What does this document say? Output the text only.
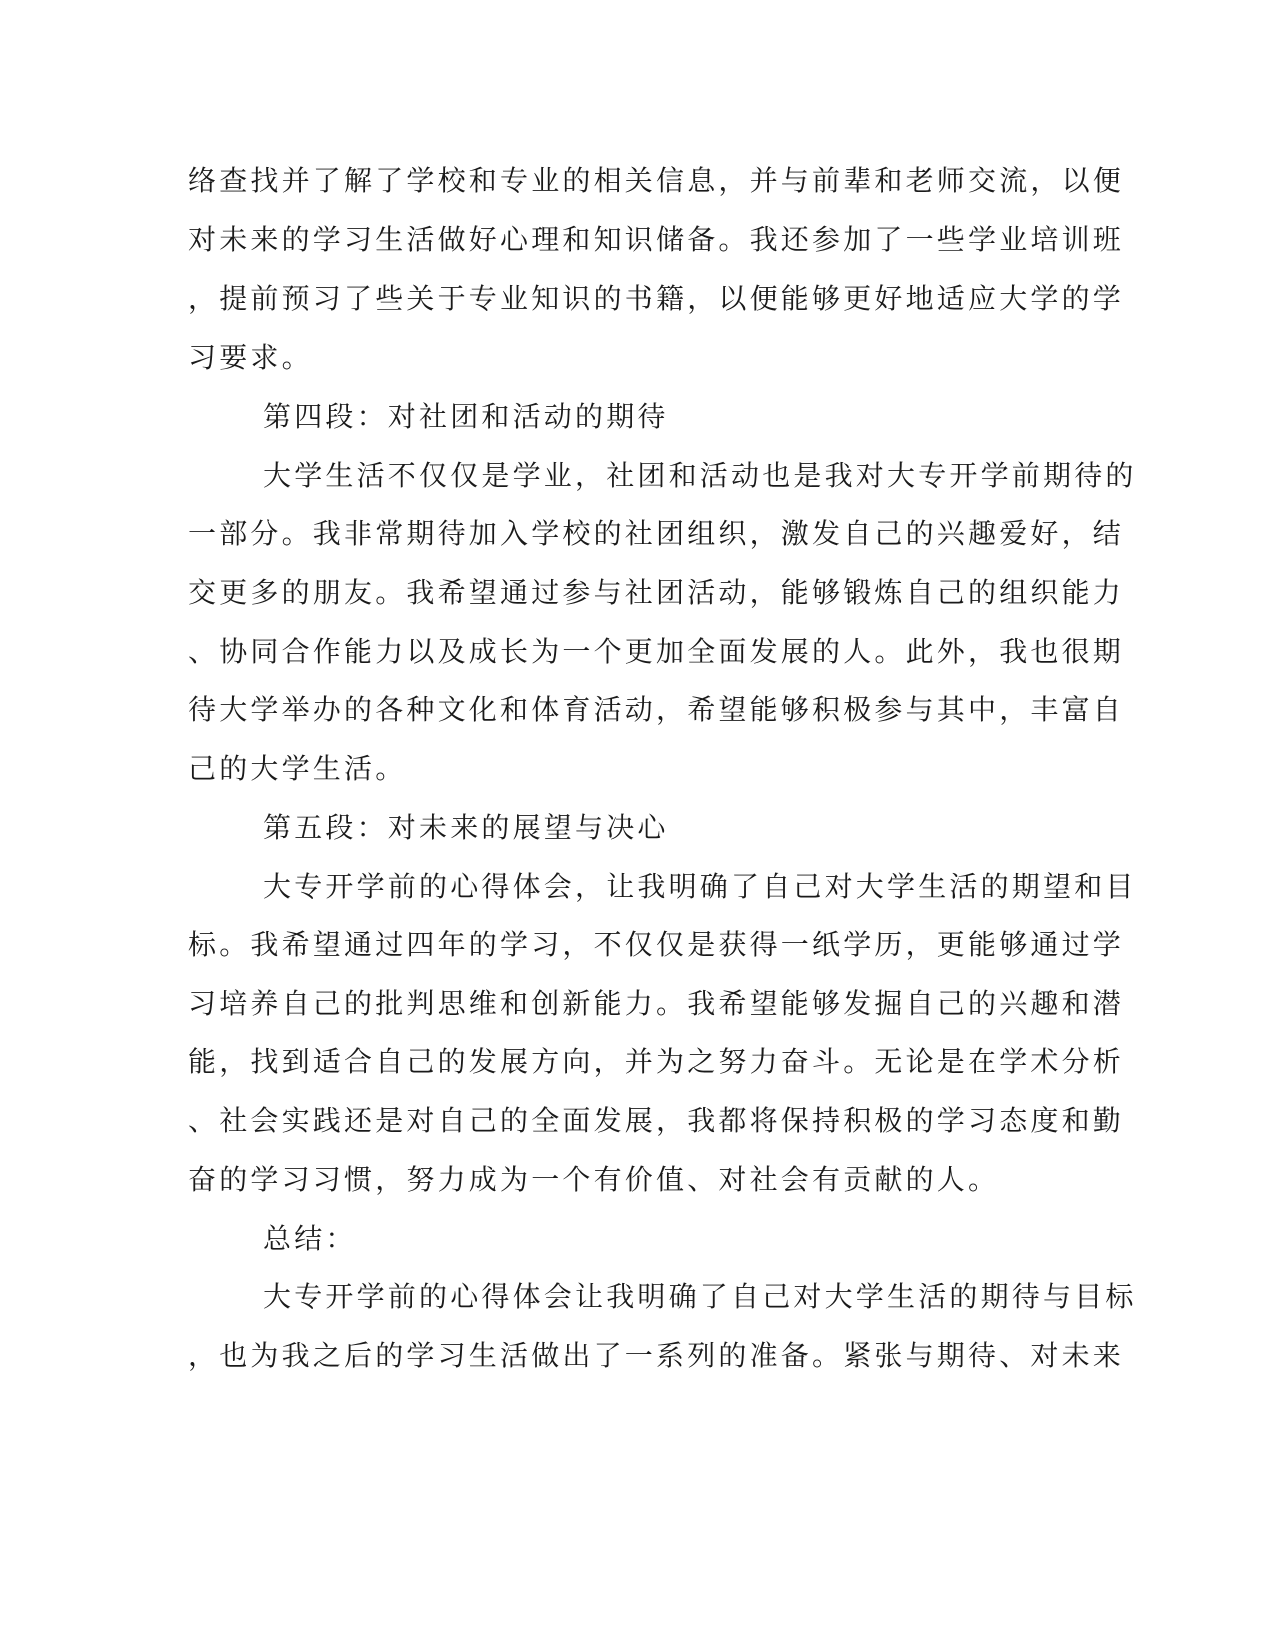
络查找并了解了学校和专业的相关信息，并与前辈和老师交流，以便
对未来的学习生活做好心理和知识储备。我还参加了一些学业培训班
，提前预习了些关于专业知识的书籍，以便能够更好地适应大学的学
习要求。
第四段：对社团和活动的期待
大学生活不仅仅是学业，社团和活动也是我对大专开学前期待的
一部分。我非常期待加入学校的社团组织，激发自己的兴趣爱好，结
交更多的朋友。我希望通过参与社团活动，能够锻炼自己的组织能力
、协同合作能力以及成长为一个更加全面发展的人。此外，我也很期
待大学举办的各种文化和体育活动，希望能够积极参与其中，丰富自
己的大学生活。
第五段：对未来的展望与决心
大专开学前的心得体会，让我明确了自己对大学生活的期望和目
标。我希望通过四年的学习，不仅仅是获得一纸学历，更能够通过学
习培养自己的批判思维和创新能力。我希望能够发掘自己的兴趣和潜
能，找到适合自己的发展方向，并为之努力奋斗。无论是在学术分析
、社会实践还是对自己的全面发展，我都将保持积极的学习态度和勤
奋的学习习惯，努力成为一个有价值、对社会有贡献的人。
总结：
大专开学前的心得体会让我明确了自己对大学生活的期待与目标
，也为我之后的学习生活做出了一系列的准备。紧张与期待、对未来
